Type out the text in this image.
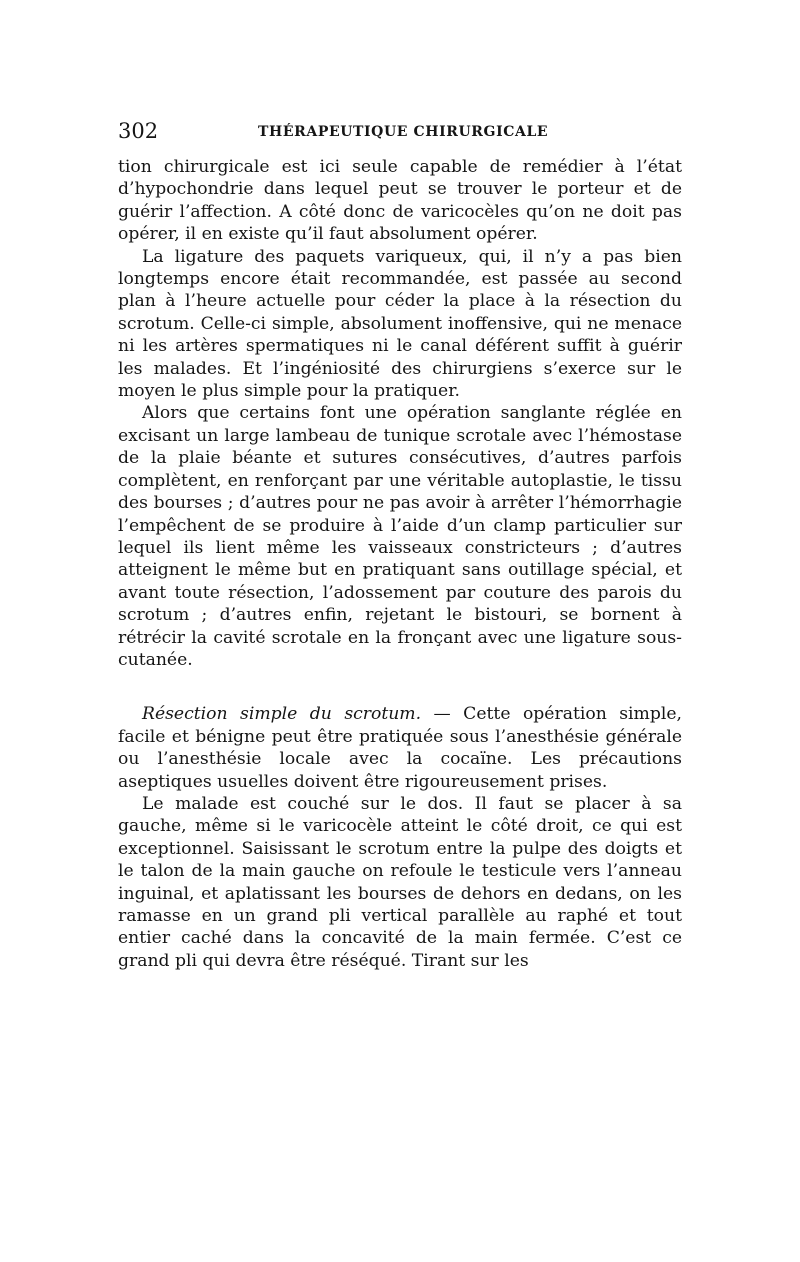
302	THÉRAPEUTIQUE CHIRURGICALE

tion chirurgicale est ici seule capable de remédier à l’état d’hypochondrie dans lequel peut se trouver le porteur et de guérir l’affection. A côté donc de varicocèles qu’on ne doit pas opérer, il en existe qu’il faut absolument opérer.

La ligature des paquets variqueux, qui, il n’y a pas bien longtemps encore était recommandée, est passée au second plan à l’heure actuelle pour céder la place à la résection du scrotum. Celle-ci simple, absolument inoffensive, qui ne menace ni les artères spermatiques ni le canal déférent suffit à guérir les malades. Et l’ingéniosité des chirurgiens s’exerce sur le moyen le plus simple pour la pratiquer.

Alors que certains font une opération sanglante réglée en excisant un large lambeau de tunique scrotale avec l’hémostase de la plaie béante et sutures consécutives, d’autres parfois complètent, en renforçant par une véritable autoplastie, le tissu des bourses ; d’autres pour ne pas avoir à arrêter l’hémorrhagie l’empêchent de se produire à l’aide d’un clamp particulier sur lequel ils lient même les vaisseaux constricteurs ; d’autres atteignent le même but en pratiquant sans outillage spécial, et avant toute résection, l’adossement par couture des parois du scrotum ; d’autres enfin, rejetant le bistouri, se bornent à rétrécir la cavité scrotale en la fronçant avec une ligature sous-cutanée.

Résection simple du scrotum. — Cette opération simple, facile et bénigne peut être pratiquée sous l’anesthésie générale ou l’anesthésie locale avec la cocaïne. Les précautions aseptiques usuelles doivent être rigoureusement prises.

Le malade est couché sur le dos. Il faut se placer à sa gauche, même si le varicocèle atteint le côté droit, ce qui est exceptionnel. Saisissant le scrotum entre la pulpe des doigts et le talon de la main gauche on refoule le testicule vers l’anneau inguinal, et aplatissant les bourses de dehors en dedans, on les ramasse en un grand pli vertical parallèle au raphé et tout entier caché dans la concavité de la main fermée. C’est ce grand pli qui devra être réséqué. Tirant sur les
